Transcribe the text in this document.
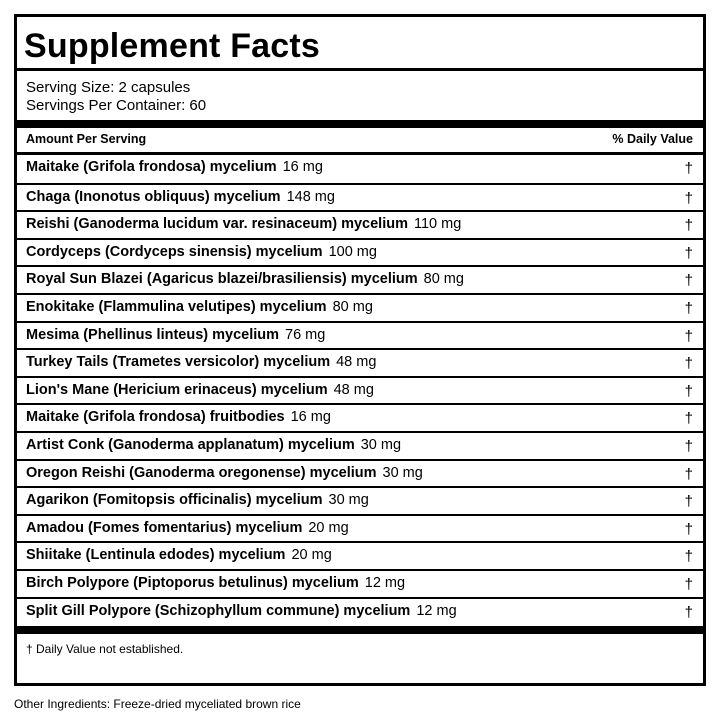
Supplement Facts
Serving Size: 2 capsules
Servings Per Container: 60
Amount Per Serving	% Daily Value
Maitake (Grifola frondosa) mycelium 16 mg	†
Chaga (Inonotus obliquus) mycelium 148 mg	†
Reishi (Ganoderma lucidum var. resinaceum) mycelium 110 mg	†
Cordyceps (Cordyceps sinensis) mycelium 100 mg	†
Royal Sun Blazei (Agaricus blazei/brasiliensis) mycelium 80 mg	†
Enokitake (Flammulina velutipes) mycelium 80 mg	†
Mesima (Phellinus linteus) mycelium 76 mg	†
Turkey Tails (Trametes versicolor) mycelium 48 mg	†
Lion's Mane (Hericium erinaceus) mycelium 48 mg	†
Maitake (Grifola frondosa) fruitbodies 16 mg	†
Artist Conk (Ganoderma applanatum) mycelium 30 mg	†
Oregon Reishi (Ganoderma oregonense) mycelium 30 mg	†
Agarikon (Fomitopsis officinalis) mycelium 30 mg	†
Amadou (Fomes fomentarius) mycelium 20 mg	†
Shiitake (Lentinula edodes) mycelium 20 mg	†
Birch Polypore (Piptoporus betulinus) mycelium 12 mg	†
Split Gill Polypore (Schizophyllum commune) mycelium 12 mg	†
† Daily Value not established.
Other Ingredients: Freeze-dried myceliated brown rice
